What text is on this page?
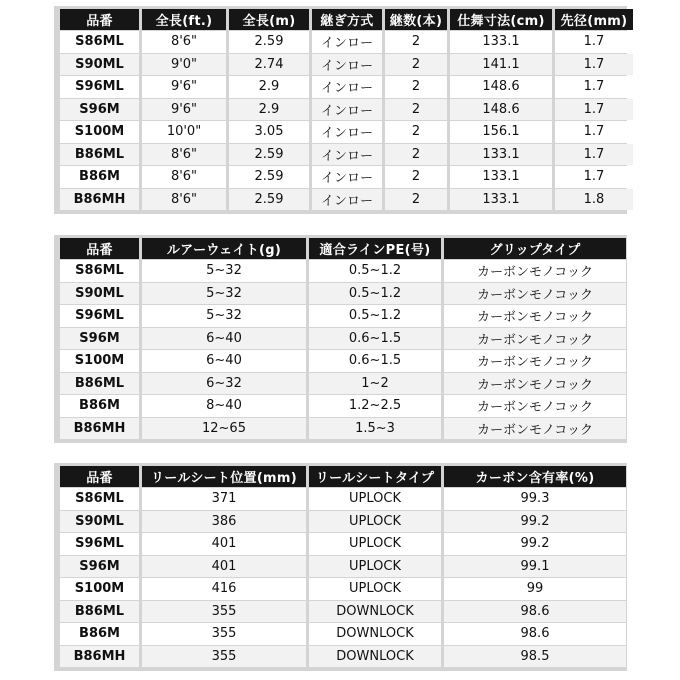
品番	全長(ft.)	全長(m)	継ぎ方式	継数(本)	仕舞寸法(cm)	先径(mm)
S86ML	8'6"	2.59	インロー	2	133.1	1.7
S90ML	9'0"	2.74	インロー	2	141.1	1.7
S96ML	9'6"	2.9	インロー	2	148.6	1.7
S96M	9'6"	2.9	インロー	2	148.6	1.7
S100M	10'0"	3.05	インロー	2	156.1	1.7
B86ML	8'6"	2.59	インロー	2	133.1	1.7
B86M	8'6"	2.59	インロー	2	133.1	1.7
B86MH	8'6"	2.59	インロー	2	133.1	1.8
品番	ルアーウェイト(g)	適合ラインPE(号)	グリップタイプ
S86ML	5~32	0.5~1.2	カーボンモノコック
S90ML	5~32	0.5~1.2	カーボンモノコック
S96ML	5~32	0.5~1.2	カーボンモノコック
S96M	6~40	0.6~1.5	カーボンモノコック
S100M	6~40	0.6~1.5	カーボンモノコック
B86ML	6~32	1~2	カーボンモノコック
B86M	8~40	1.2~2.5	カーボンモノコック
B86MH	12~65	1.5~3	カーボンモノコック
品番	リールシート位置(mm)	リールシートタイプ	カーボン含有率(%)
S86ML	371	UPLOCK	99.3
S90ML	386	UPLOCK	99.2
S96ML	401	UPLOCK	99.2
S96M	401	UPLOCK	99.1
S100M	416	UPLOCK	99
B86ML	355	DOWNLOCK	98.6
B86M	355	DOWNLOCK	98.6
B86MH	355	DOWNLOCK	98.5
